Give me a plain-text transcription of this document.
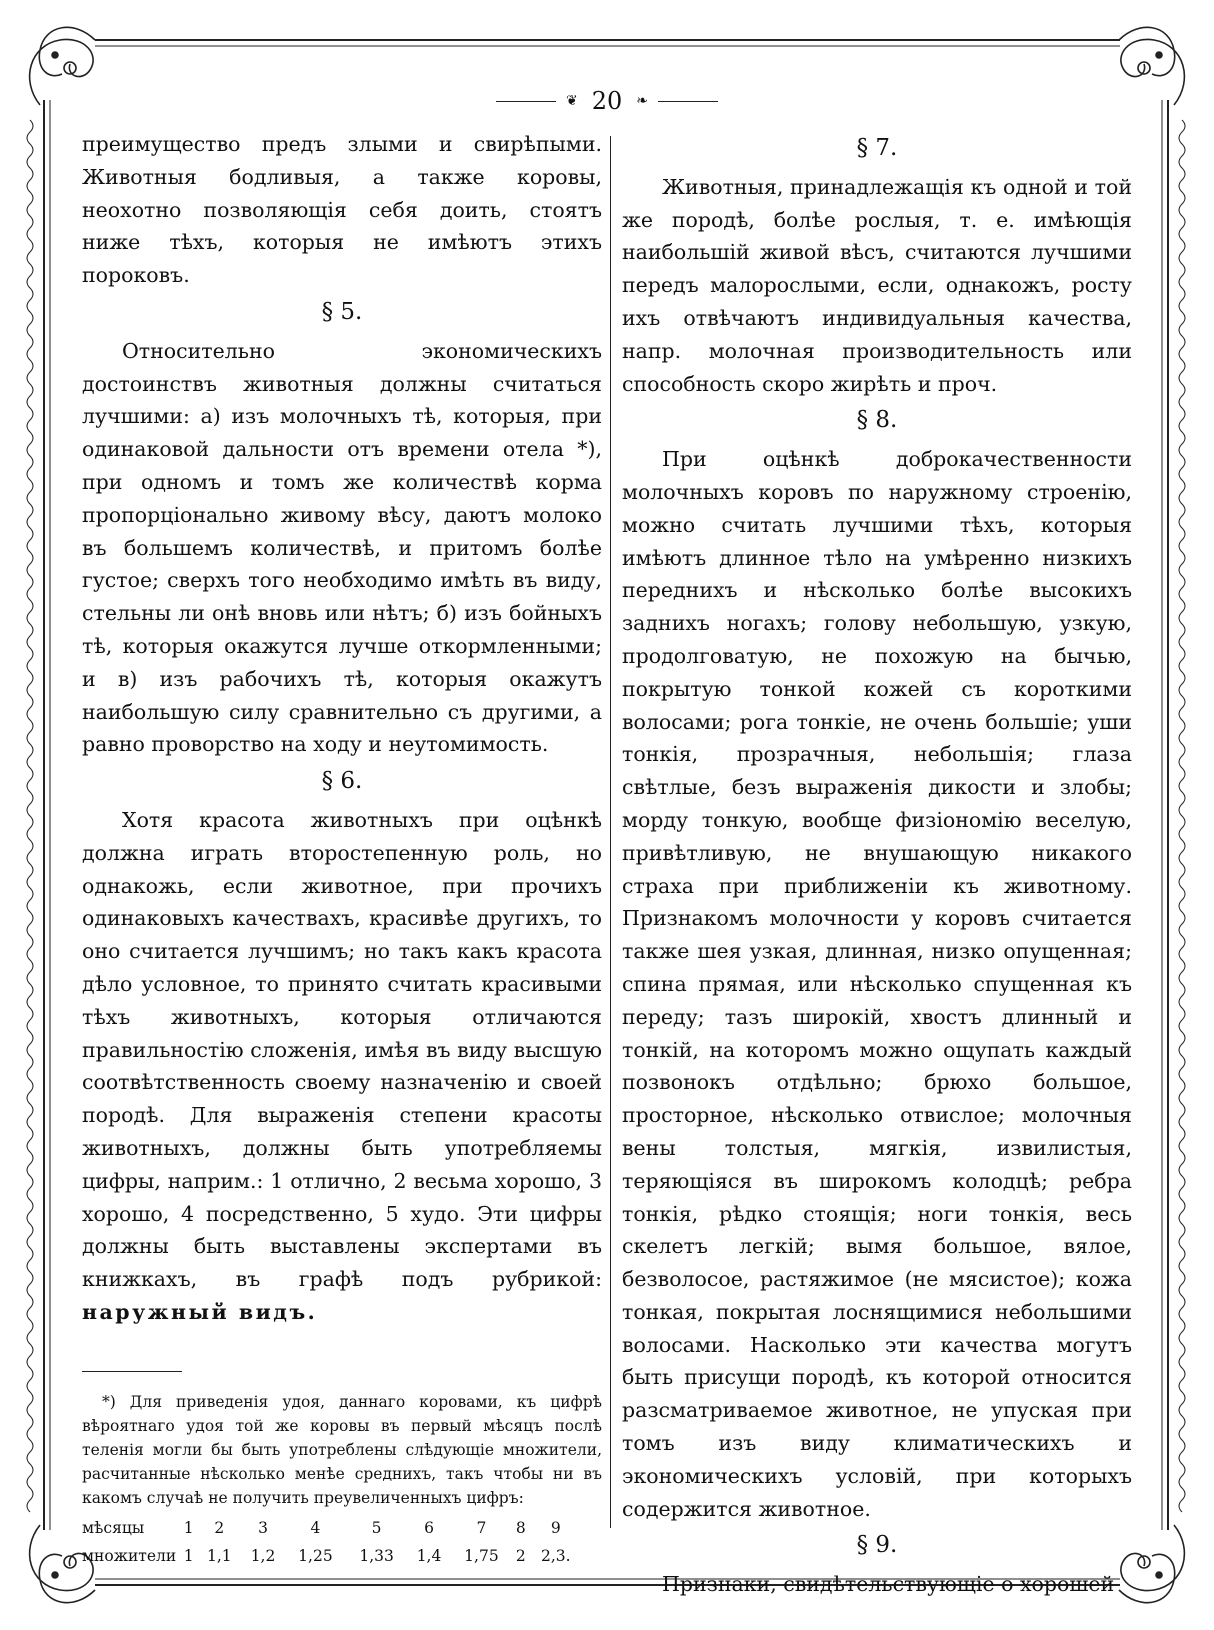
❦ 20 ❧

преимущество предъ злыми и свирѣпыми. Животныя бодливыя, а также коровы, неохотно позволяющія себя доить, стоятъ ниже тѣхъ, которыя не имѣютъ этихъ пороковъ.

§ 5.

Относительно экономическихъ достоинствъ животныя должны считаться лучшими: а) изъ молочныхъ тѣ, которыя, при одинаковой дальности отъ времени отела *), при одномъ и томъ же количествѣ корма пропорціонально живому вѣсу, даютъ молоко въ большемъ количествѣ, и притомъ болѣе густое; сверхъ того необходимо имѣть въ виду, стельны ли онѣ вновь или нѣтъ; б) изъ бойныхъ тѣ, которыя окажутся лучше откормленными; и в) изъ рабочихъ тѣ, которыя окажутъ наибольшую силу сравнительно съ другими, а равно проворство на ходу и неутомимость.

§ 6.

Хотя красота животныхъ при оцѣнкѣ должна играть второстепенную роль, но однакожь, если животное, при прочихъ одинаковыхъ качествахъ, красивѣе другихъ, то оно считается лучшимъ; но такъ какъ красота дѣло условное, то принято считать красивыми тѣхъ животныхъ, которыя отличаются правильностію сложенія, имѣя въ виду высшую соотвѣтственность своему назначенію и своей породѣ. Для выраженія степени красоты животныхъ, должны быть употребляемы цифры, наприм.: 1 отлично, 2 весьма хорошо, 3 хорошо, 4 посредственно, 5 худо. Эти цифры должны быть выставлены экспертами въ книжкахъ, въ графѣ подъ рубрикой: наружный видъ.

*) Для приведенія удоя, даннаго коровами, къ цифрѣ вѣроятнаго удоя той же коровы въ первый мѣсяцъ послѣ теленія могли бы быть употреблены слѣдующіе множители, расчитанные нѣсколько менѣе среднихъ, такъ чтобы ни въ какомъ случаѣ не получить преувеличенныхъ цифръ:

мѣсяцы	1	2	3	4	5	6	7	8	9
множители	1	1,1	1,2	1,25	1,33	1,4	1,75	2	2,3.
§ 7.

Животныя, принадлежащія къ одной и той же породѣ, болѣе рослыя, т. е. имѣющія наибольшій живой вѣсъ, считаются лучшими передъ малорослыми, если, однакожъ, росту ихъ отвѣчаютъ индивидуальныя качества, напр. молочная производительность или способность скоро жирѣть и проч.

§ 8.

При оцѣнкѣ доброкачественности молочныхъ коровъ по наружному строенію, можно считать лучшими тѣхъ, которыя имѣютъ длинное тѣло на умѣренно низкихъ переднихъ и нѣсколько болѣе высокихъ заднихъ ногахъ; голову небольшую, узкую, продолговатую, не похожую на бычью, покрытую тонкой кожей съ короткими волосами; рога тонкіе, не очень большіе; уши тонкія, прозрачныя, небольшія; глаза свѣтлые, безъ выраженія дикости и злобы; морду тонкую, вообще физіономію веселую, привѣтливую, не внушающую никакого страха при приближеніи къ животному. Признакомъ молочности у коровъ считается также шея узкая, длинная, низко опущенная; спина прямая, или нѣсколько спущенная къ переду; тазъ широкій, хвостъ длинный и тонкій, на которомъ можно ощупать каждый позвонокъ отдѣльно; брюхо большое, просторное, нѣсколько отвислое; молочныя вены толстыя, мягкія, извилистыя, теряющіяся въ широкомъ колодцѣ; ребра тонкія, рѣдко стоящія; ноги тонкія, весь скелетъ легкій; вымя большое, вялое, безволосое, растяжимое (не мясистое); кожа тонкая, покрытая лоснящимися небольшими волосами. Насколько эти качества могутъ быть присущи породѣ, къ которой относится разсматриваемое животное, не упуская при томъ изъ виду климатическихъ и экономическихъ условій, при которыхъ содержится животное.

§ 9.

Признаки, свидѣтельствующіе о хорошей
